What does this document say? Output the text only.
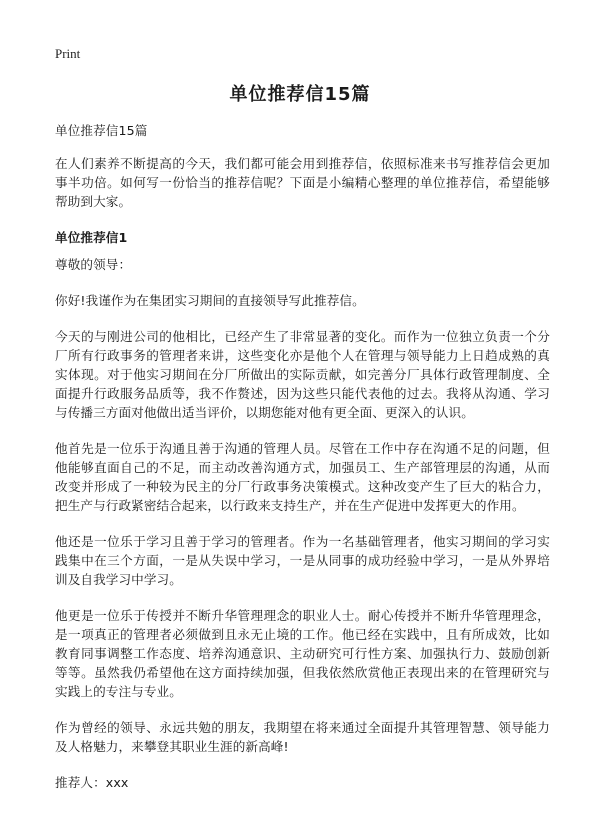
Print
单位推荐信15篇

单位推荐信15篇

在人们素养不断提高的今天，我们都可能会用到推荐信，依照标准来书写推荐信会更加事半功倍。如何写一份恰当的推荐信呢？下面是小编精心整理的单位推荐信，希望能够帮助到大家。

单位推荐信1

尊敬的领导：

你好!我谨作为在集团实习期间的直接领导写此推荐信。

今天的与刚进公司的他相比，已经产生了非常显著的变化。而作为一位独立负责一个分厂所有行政事务的管理者来讲，这些变化亦是他个人在管理与领导能力上日趋成熟的真实体现。对于他实习期间在分厂所做出的实际贡献，如完善分厂具体行政管理制度、全面提升行政服务品质等，我不作赘述，因为这些只能代表他的过去。我将从沟通、学习与传播三方面对他做出适当评价，以期您能对他有更全面、更深入的认识。

他首先是一位乐于沟通且善于沟通的管理人员。尽管在工作中存在沟通不足的问题，但他能够直面自己的不足，而主动改善沟通方式，加强员工、生产部管理层的沟通，从而改变并形成了一种较为民主的分厂行政事务决策模式。这种改变产生了巨大的粘合力，把生产与行政紧密结合起来，以行政来支持生产，并在生产促进中发挥更大的作用。

他还是一位乐于学习且善于学习的管理者。作为一名基础管理者，他实习期间的学习实践集中在三个方面，一是从失误中学习，一是从同事的成功经验中学习，一是从外界培训及自我学习中学习。

他更是一位乐于传授并不断升华管理理念的职业人士。耐心传授并不断升华管理理念，是一项真正的管理者必须做到且永无止境的工作。他已经在实践中，且有所成效，比如教育同事调整工作态度、培养沟通意识、主动研究可行性方案、加强执行力、鼓励创新等等。虽然我仍希望他在这方面持续加强，但我依然欣赏他正表现出来的在管理研究与实践上的专注与专业。

作为曾经的领导、永远共勉的朋友，我期望在将来通过全面提升其管理智慧、领导能力及人格魅力，来攀登其职业生涯的新高峰!

推荐人：xxx
